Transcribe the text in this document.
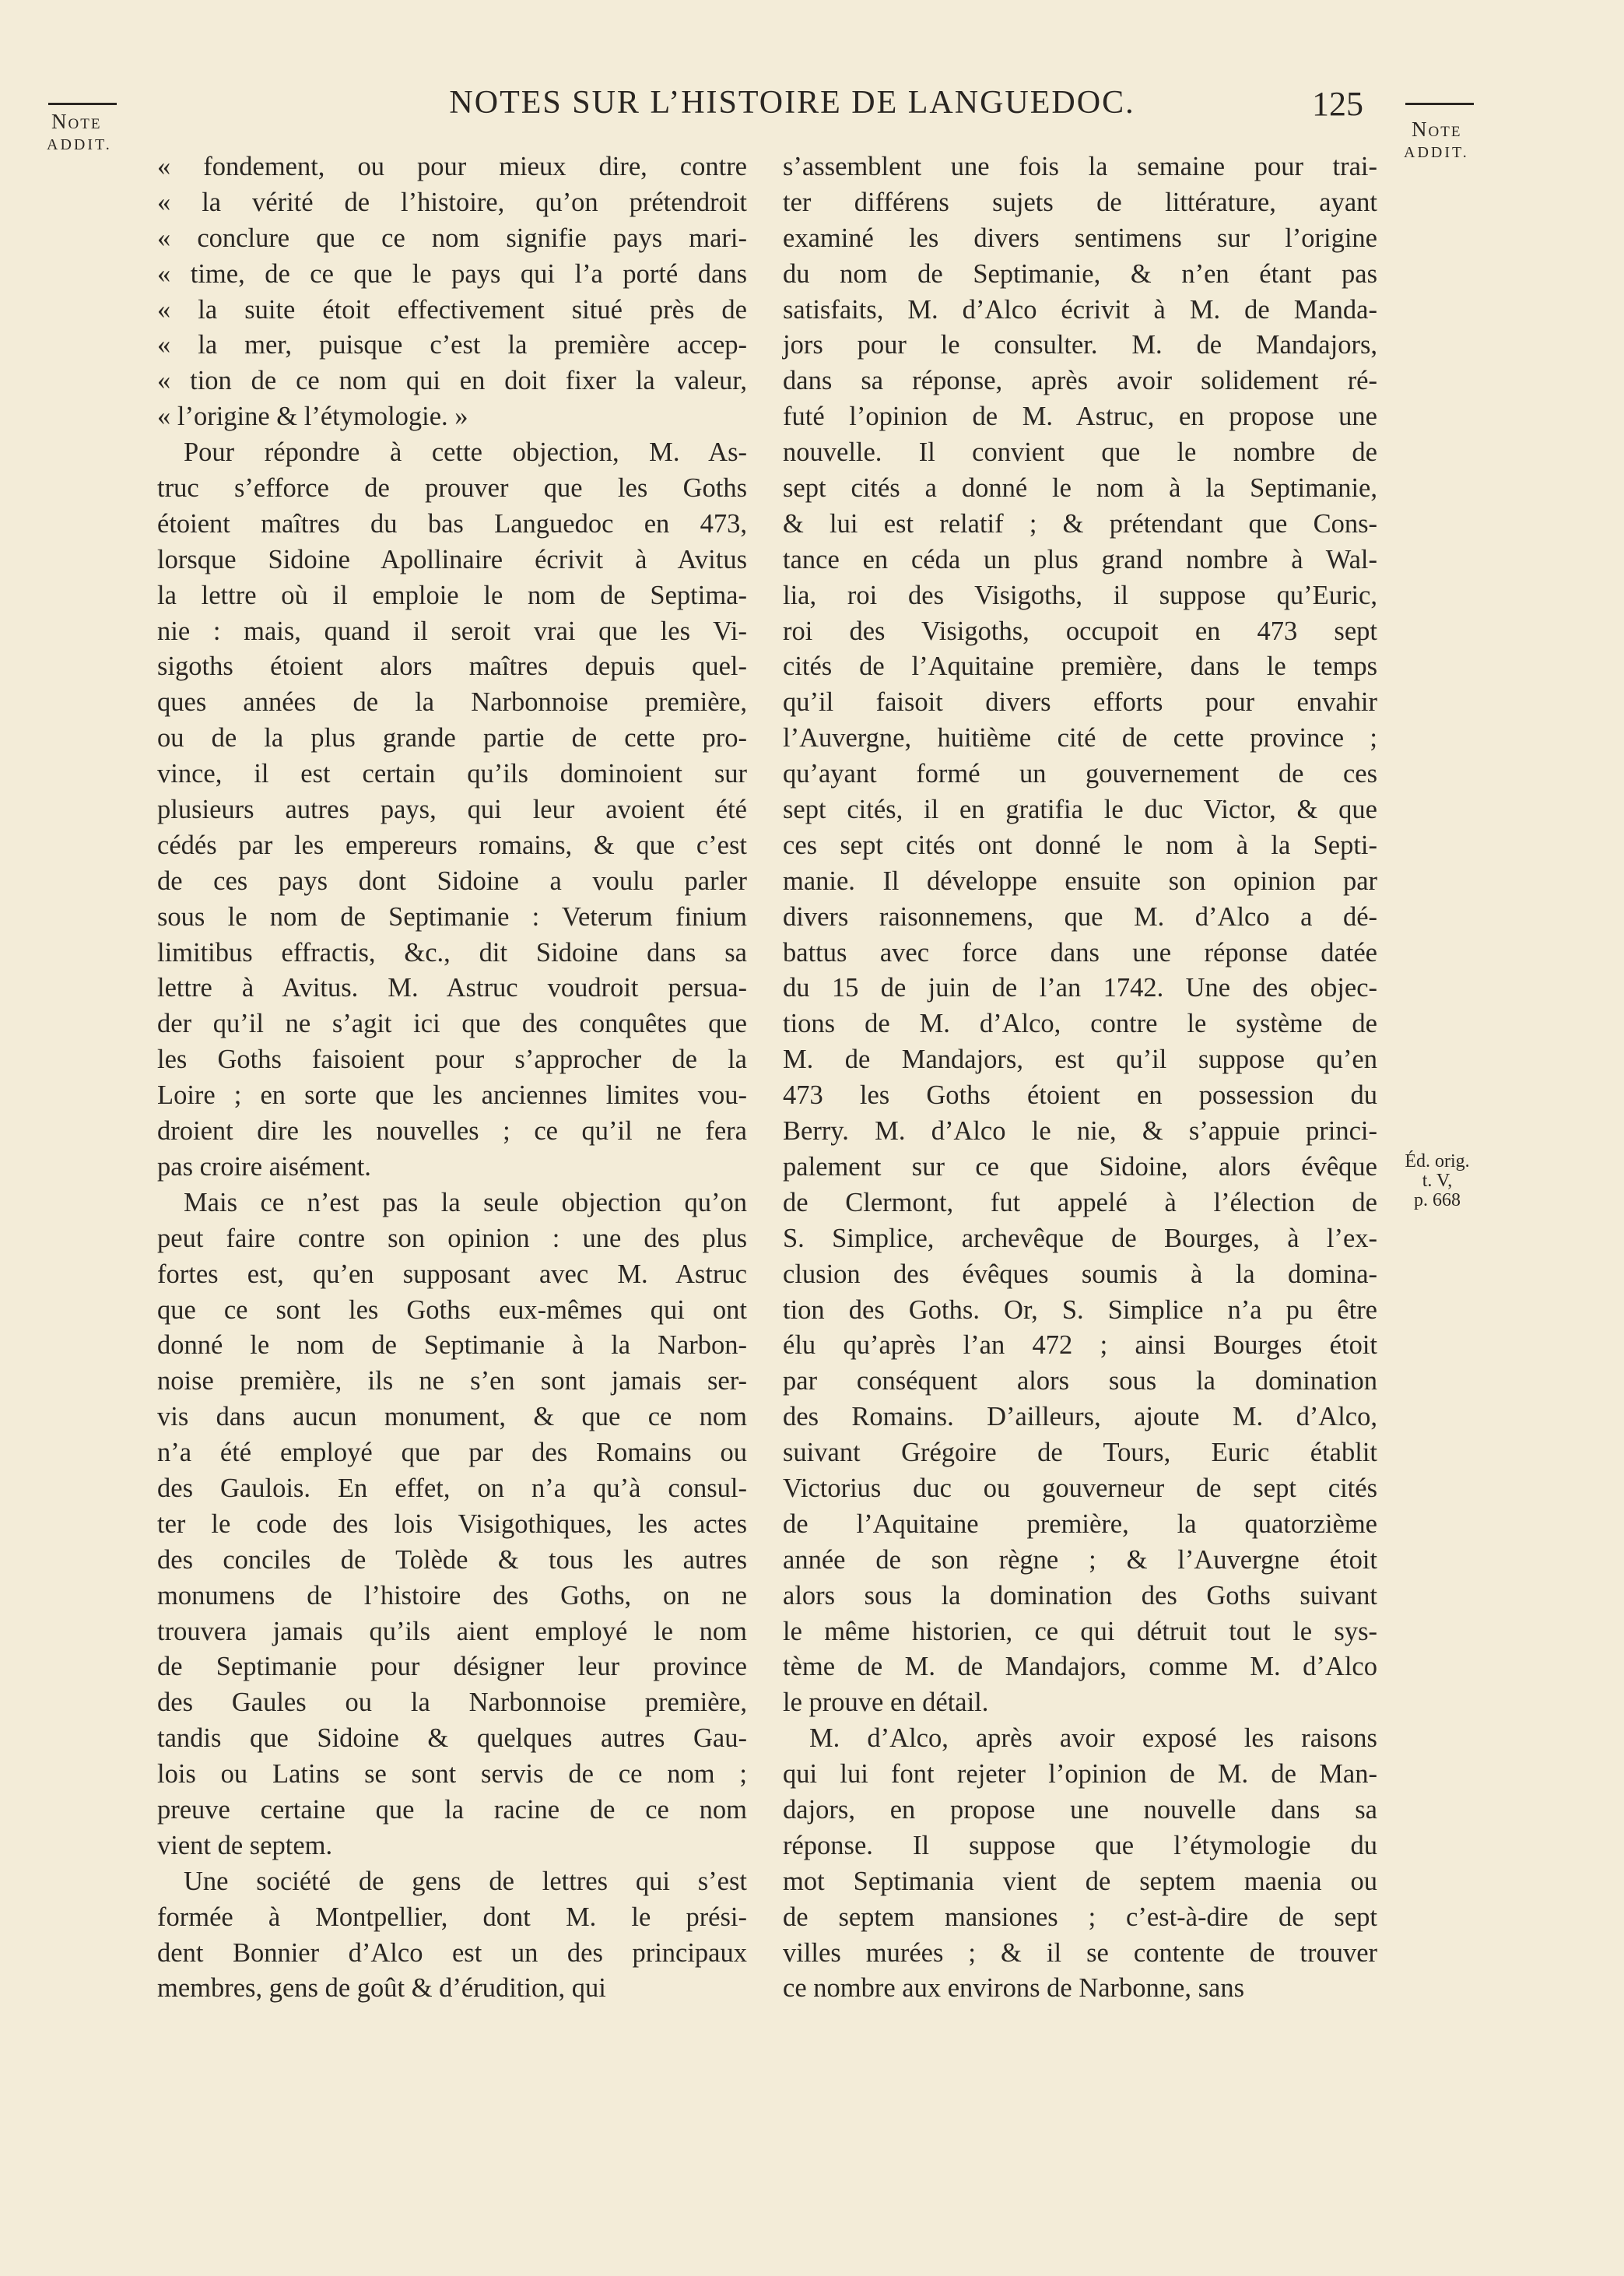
NOTES SUR L’HISTOIRE DE LANGUEDOC.	125
Note
ADDIT.
Note
ADDIT.
Éd. orig.
t. V,
p. 668
« fondement, ou pour mieux dire, contre
« la vérité de l’histoire, qu’on prétendroit
« conclure que ce nom signifie pays mari-
« time, de ce que le pays qui l’a porté dans
« la suite étoit effectivement situé près de
« la mer, puisque c’est la première accep-
« tion de ce nom qui en doit fixer la valeur,
« l’origine & l’étymologie. »
Pour répondre à cette objection, M. As-
truc s’efforce de prouver que les Goths
étoient maîtres du bas Languedoc en 473,
lorsque Sidoine Apollinaire écrivit à Avitus
la lettre où il emploie le nom de Septima-
nie : mais, quand il seroit vrai que les Vi-
sigoths étoient alors maîtres depuis quel-
ques années de la Narbonnoise première,
ou de la plus grande partie de cette pro-
vince, il est certain qu’ils dominoient sur
plusieurs autres pays, qui leur avoient été
cédés par les empereurs romains, & que c’est
de ces pays dont Sidoine a voulu parler
sous le nom de Septimanie : Veterum finium
limitibus effractis, &c., dit Sidoine dans sa
lettre à Avitus. M. Astruc voudroit persua-
der qu’il ne s’agit ici que des conquêtes que
les Goths faisoient pour s’approcher de la
Loire ; en sorte que les anciennes limites vou-
droient dire les nouvelles ; ce qu’il ne fera
pas croire aisément.
Mais ce n’est pas la seule objection qu’on
peut faire contre son opinion : une des plus
fortes est, qu’en supposant avec M. Astruc
que ce sont les Goths eux-mêmes qui ont
donné le nom de Septimanie à la Narbon-
noise première, ils ne s’en sont jamais ser-
vis dans aucun monument, & que ce nom
n’a été employé que par des Romains ou
des Gaulois. En effet, on n’a qu’à consul-
ter le code des lois Visigothiques, les actes
des conciles de Tolède & tous les autres
monumens de l’histoire des Goths, on ne
trouvera jamais qu’ils aient employé le nom
de Septimanie pour désigner leur province
des Gaules ou la Narbonnoise première,
tandis que Sidoine & quelques autres Gau-
lois ou Latins se sont servis de ce nom ;
preuve certaine que la racine de ce nom
vient de septem.
Une société de gens de lettres qui s’est
formée à Montpellier, dont M. le prési-
dent Bonnier d’Alco est un des principaux
membres, gens de goût & d’érudition, qui
s’assemblent une fois la semaine pour trai-
ter différens sujets de littérature, ayant
examiné les divers sentimens sur l’origine
du nom de Septimanie, & n’en étant pas
satisfaits, M. d’Alco écrivit à M. de Manda-
jors pour le consulter. M. de Mandajors,
dans sa réponse, après avoir solidement ré-
futé l’opinion de M. Astruc, en propose une
nouvelle. Il convient que le nombre de
sept cités a donné le nom à la Septimanie,
& lui est relatif ; & prétendant que Cons-
tance en céda un plus grand nombre à Wal-
lia, roi des Visigoths, il suppose qu’Euric,
roi des Visigoths, occupoit en 473 sept
cités de l’Aquitaine première, dans le temps
qu’il faisoit divers efforts pour envahir
l’Auvergne, huitième cité de cette province ;
qu’ayant formé un gouvernement de ces
sept cités, il en gratifia le duc Victor, & que
ces sept cités ont donné le nom à la Septi-
manie. Il développe ensuite son opinion par
divers raisonnemens, que M. d’Alco a dé-
battus avec force dans une réponse datée
du 15 de juin de l’an 1742. Une des objec-
tions de M. d’Alco, contre le système de
M. de Mandajors, est qu’il suppose qu’en
473 les Goths étoient en possession du
Berry. M. d’Alco le nie, & s’appuie princi-
palement sur ce que Sidoine, alors évêque
de Clermont, fut appelé à l’élection de
S. Simplice, archevêque de Bourges, à l’ex-
clusion des évêques soumis à la domina-
tion des Goths. Or, S. Simplice n’a pu être
élu qu’après l’an 472 ; ainsi Bourges étoit
par conséquent alors sous la domination
des Romains. D’ailleurs, ajoute M. d’Alco,
suivant Grégoire de Tours, Euric établit
Victorius duc ou gouverneur de sept cités
de l’Aquitaine première, la quatorzième
année de son règne ; & l’Auvergne étoit
alors sous la domination des Goths suivant
le même historien, ce qui détruit tout le sys-
tème de M. de Mandajors, comme M. d’Alco
le prouve en détail.
M. d’Alco, après avoir exposé les raisons
qui lui font rejeter l’opinion de M. de Man-
dajors, en propose une nouvelle dans sa
réponse. Il suppose que l’étymologie du
mot Septimania vient de septem maenia ou
de septem mansiones ; c’est-à-dire de sept
villes murées ; & il se contente de trouver
ce nombre aux environs de Narbonne, sans
